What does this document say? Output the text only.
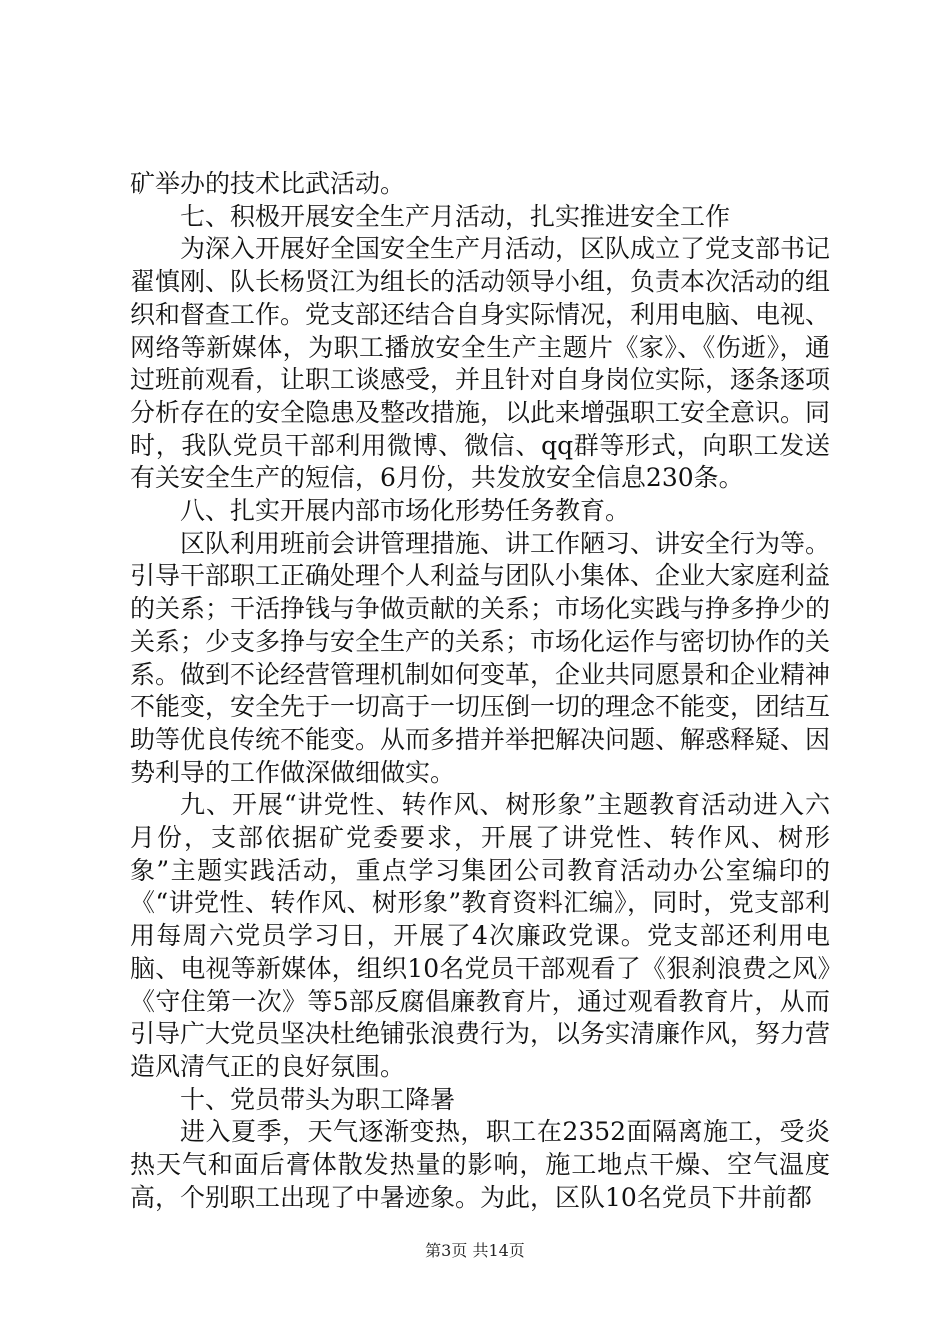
矿举办的技术比武活动。

七、积极开展安全生产月活动，扎实推进安全工作

为深入开展好全国安全生产月活动，区队成立了党支部书记翟慎刚、队长杨贤江为组长的活动领导小组，负责本次活动的组织和督查工作。党支部还结合自身实际情况，利用电脑、电视、网络等新媒体，为职工播放安全生产主题片《家》、《伤逝》，通过班前观看，让职工谈感受，并且针对自身岗位实际，逐条逐项分析存在的安全隐患及整改措施，以此来增强职工安全意识。同时，我队党员干部利用微博、微信、qq群等形式，向职工发送有关安全生产的短信，6月份，共发放安全信息230条。

八、扎实开展内部市场化形势任务教育。

区队利用班前会讲管理措施、讲工作陋习、讲安全行为等。引导干部职工正确处理个人利益与团队小集体、企业大家庭利益的关系；干活挣钱与争做贡献的关系；市场化实践与挣多挣少的关系；少支多挣与安全生产的关系；市场化运作与密切协作的关系。做到不论经营管理机制如何变革，企业共同愿景和企业精神不能变，安全先于一切高于一切压倒一切的理念不能变，团结互助等优良传统不能变。从而多措并举把解决问题、解惑释疑、因势利导的工作做深做细做实。

九、开展“讲党性、转作风、树形象”主题教育活动进入六月份，支部依据矿党委要求，开展了讲党性、转作风、树形象”主题实践活动，重点学习集团公司教育活动办公室编印的《“讲党性、转作风、树形象”教育资料汇编》，同时，党支部利用每周六党员学习日，开展了4次廉政党课。党支部还利用电脑、电视等新媒体，组织10名党员干部观看了《狠刹浪费之风》《守住第一次》等5部反腐倡廉教育片，通过观看教育片，从而引导广大党员坚决杜绝铺张浪费行为，以务实清廉作风，努力营造风清气正的良好氛围。

十、党员带头为职工降暑

进入夏季，天气逐渐变热，职工在2352面隔离施工，受炎热天气和面后膏体散发热量的影响，施工地点干燥、空气温度高，个别职工出现了中暑迹象。为此，区队10名党员下井前都

第3页 共14页
